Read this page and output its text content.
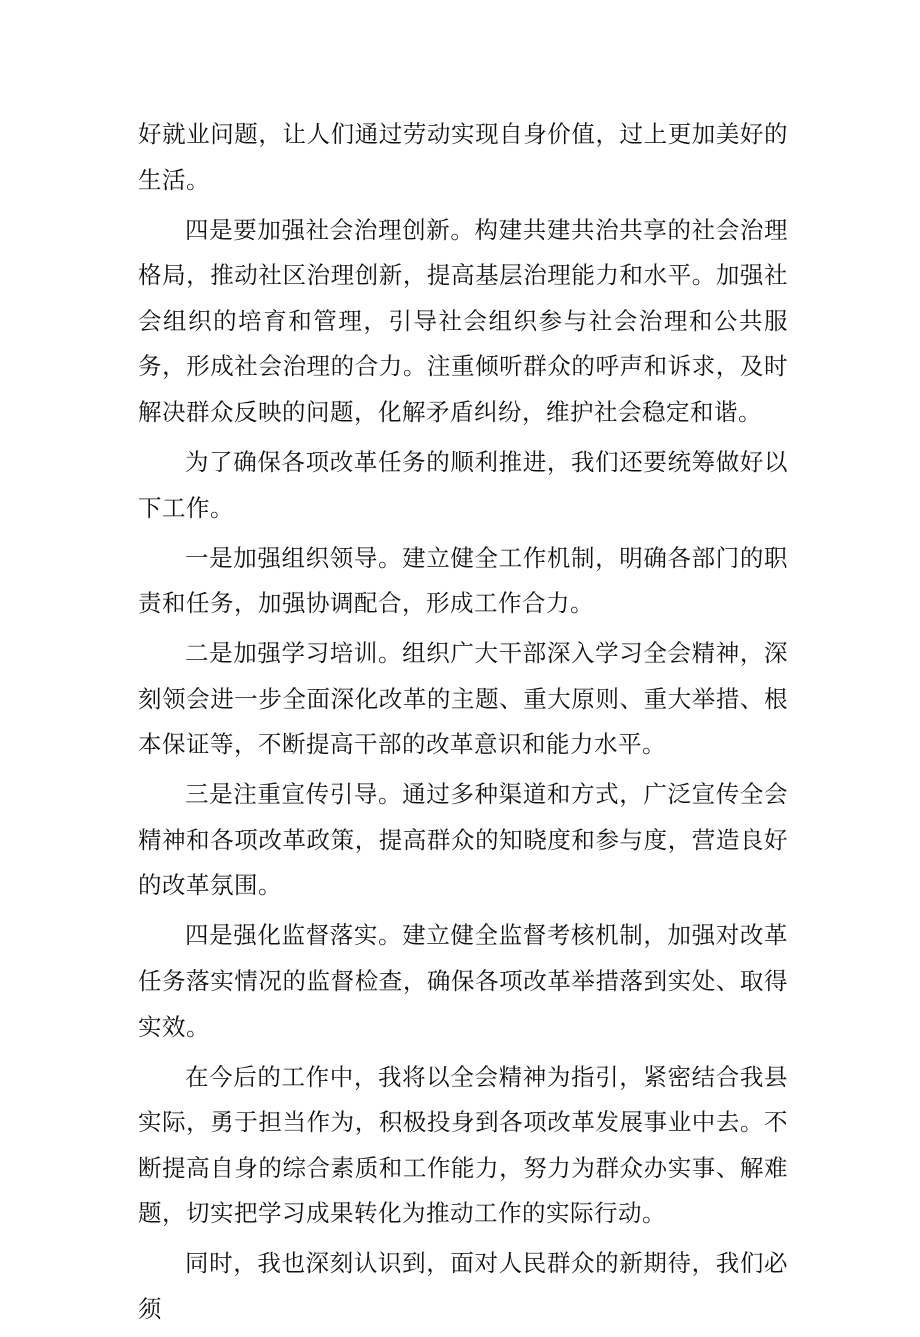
好就业问题，让人们通过劳动实现自身价值，过上更加美好的生活。

四是要加强社会治理创新。构建共建共治共享的社会治理格局，推动社区治理创新，提高基层治理能力和水平。加强社会组织的培育和管理，引导社会组织参与社会治理和公共服务，形成社会治理的合力。注重倾听群众的呼声和诉求，及时解决群众反映的问题，化解矛盾纠纷，维护社会稳定和谐。

为了确保各项改革任务的顺利推进，我们还要统筹做好以下工作。

一是加强组织领导。建立健全工作机制，明确各部门的职责和任务，加强协调配合，形成工作合力。

二是加强学习培训。组织广大干部深入学习全会精神，深刻领会进一步全面深化改革的主题、重大原则、重大举措、根本保证等，不断提高干部的改革意识和能力水平。

三是注重宣传引导。通过多种渠道和方式，广泛宣传全会精神和各项改革政策，提高群众的知晓度和参与度，营造良好的改革氛围。

四是强化监督落实。建立健全监督考核机制，加强对改革任务落实情况的监督检查，确保各项改革举措落到实处、取得实效。

在今后的工作中，我将以全会精神为指引，紧密结合我县实际，勇于担当作为，积极投身到各项改革发展事业中去。不断提高自身的综合素质和工作能力，努力为群众办实事、解难题，切实把学习成果转化为推动工作的实际行动。

同时，我也深刻认识到，面对人民群众的新期待，我们必须
